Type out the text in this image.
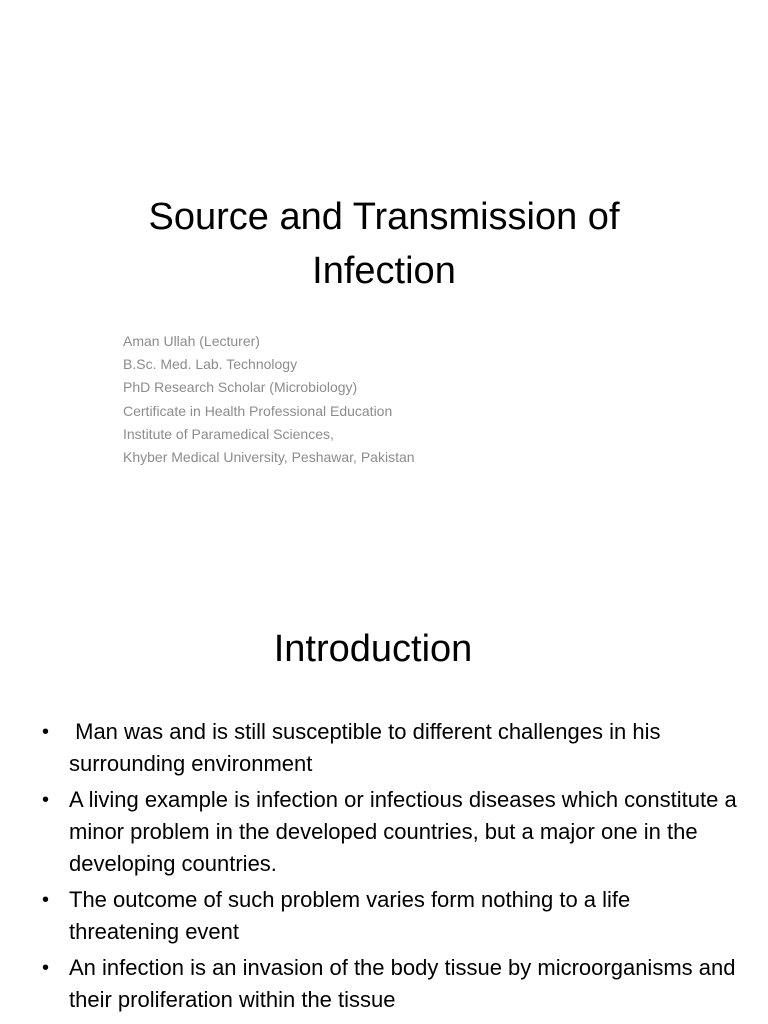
Source and Transmission of
Infection
Aman Ullah (Lecturer)
B.Sc. Med. Lab. Technology
PhD Research Scholar (Microbiology)
Certificate in Health Professional Education
Institute of Paramedical Sciences,
Khyber Medical University, Peshawar, Pakistan
Introduction
• Man was and is still susceptible to different challenges in his surrounding environment
• A living example is infection or infectious diseases which constitute a minor problem in the developed countries, but a major one in the developing countries.
• The outcome of such problem varies form nothing to a life threatening event
• An infection is an invasion of the body tissue by microorganisms and their proliferation within the tissue
